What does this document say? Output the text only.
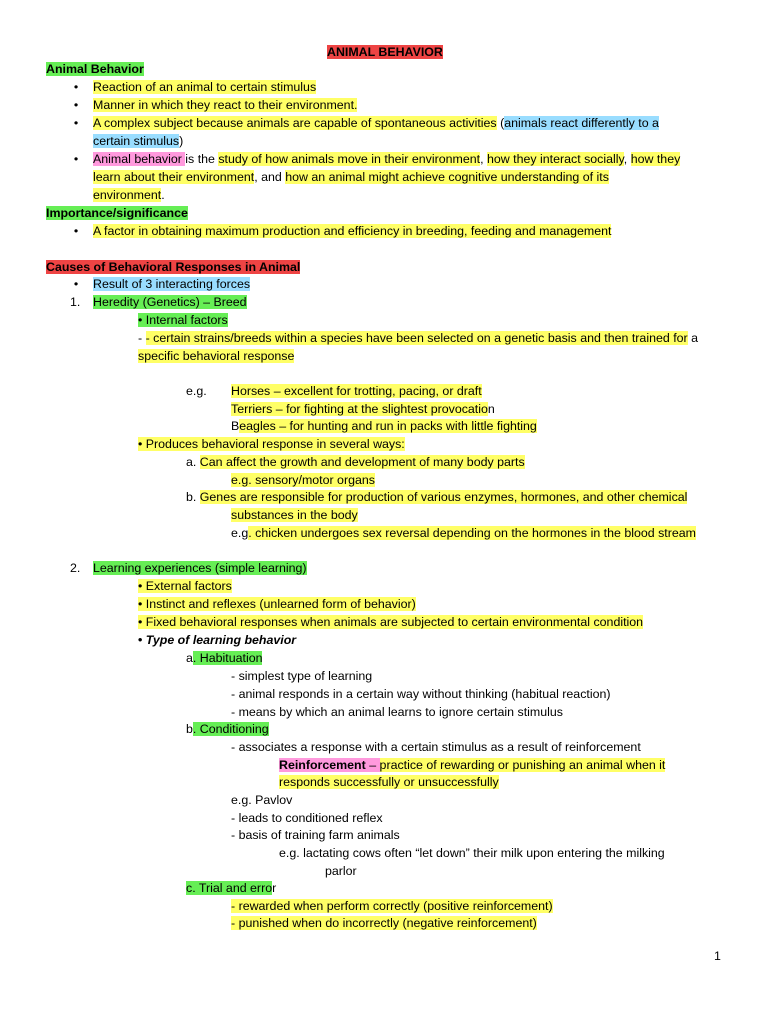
ANIMAL BEHAVIOR
Animal Behavior
• Reaction of an animal to certain stimulus
• Manner in which they react to their environment.
• A complex subject because animals are capable of spontaneous activities (animals react differently to a
certain stimulus)
• Animal behavior is the study of how animals move in their environment, how they interact socially, how they
learn about their environment, and how an animal might achieve cognitive understanding of its
environment.
Importance/significance
• A factor in obtaining maximum production and efficiency in breeding, feeding and management
Causes of Behavioral Responses in Animal
• Result of 3 interacting forces
1. Heredity (Genetics) – Breed
• Internal factors
- - certain strains/breeds within a species have been selected on a genetic basis and then trained for a
specific behavioral response
e.g. Horses – excellent for trotting, pacing, or draft
Terriers – for fighting at the slightest provocation
Beagles – for hunting and run in packs with little fighting
• Produces behavioral response in several ways:
a. Can affect the growth and development of many body parts
e.g. sensory/motor organs
b. Genes are responsible for production of various enzymes, hormones, and other chemical
substances in the body
e.g. chicken undergoes sex reversal depending on the hormones in the blood stream
2. Learning experiences (simple learning)
• External factors
• Instinct and reflexes (unlearned form of behavior)
• Fixed behavioral responses when animals are subjected to certain environmental condition
• Type of learning behavior
a. Habituation
- simplest type of learning
- animal responds in a certain way without thinking (habitual reaction)
- means by which an animal learns to ignore certain stimulus
b. Conditioning
- associates a response with a certain stimulus as a result of reinforcement
Reinforcement – practice of rewarding or punishing an animal when it
responds successfully or unsuccessfully
e.g. Pavlov
- leads to conditioned reflex
- basis of training farm animals
e.g. lactating cows often “let down” their milk upon entering the milking
parlor
c. Trial and error
- rewarded when perform correctly (positive reinforcement)
- punished when do incorrectly (negative reinforcement)
1
